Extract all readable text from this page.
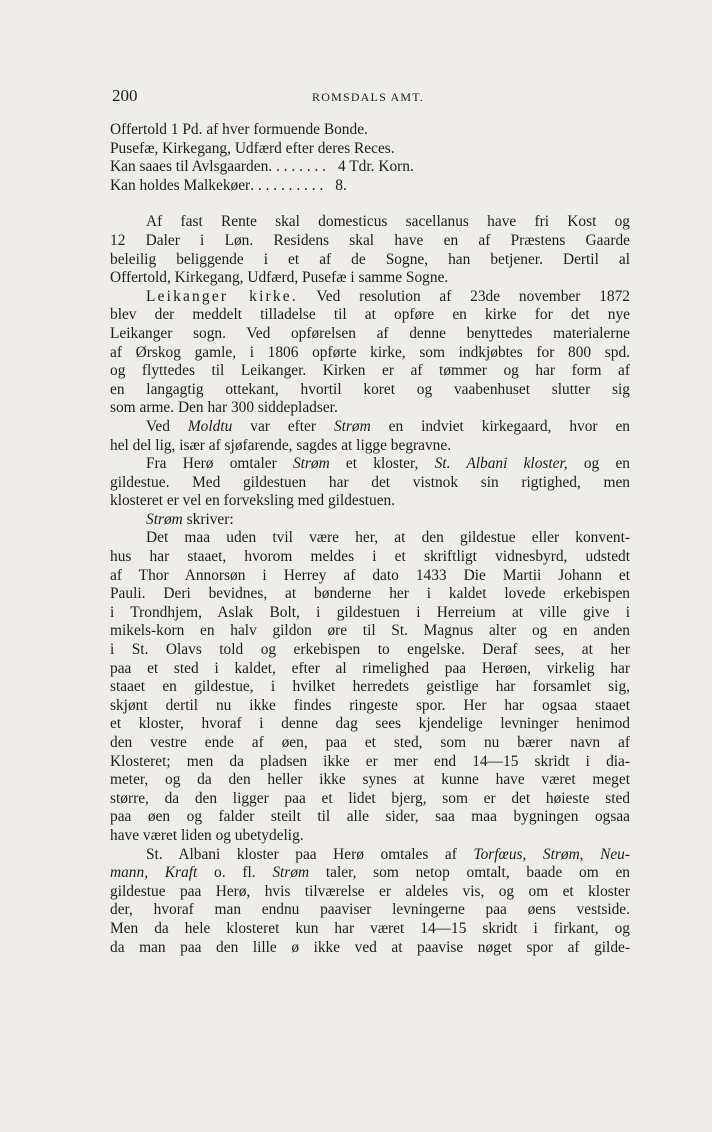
200	ROMSDALS AMT.
Offertold 1 Pd. af hver formuende Bonde.
Pusefæ, Kirkegang, Udfærd efter deres Reces.
Kan saaes til Avlsgaarden . . . . . . . . 4 Tdr. Korn.
Kan holdes Malkekøer . . . . . . . . . . 8.
Af fast Rente skal domesticus sacellanus have fri Kost og
12 Daler i Løn. Residens skal have en af Præstens Gaarde
beleilig beliggende i et af de Sogne, han betjener. Dertil al
Offertold, Kirkegang, Udfærd, Pusefæ i samme Sogne.
Leikanger kirke. Ved resolution af 23de november 1872
blev der meddelt tilladelse til at opføre en kirke for det nye
Leikanger sogn. Ved opførelsen af denne benyttedes materialerne
af Ørskog gamle, i 1806 opførte kirke, som indkjøbtes for 800 spd.
og flyttedes til Leikanger. Kirken er af tømmer og har form af
en langagtig ottekant, hvortil koret og vaabenhuset slutter sig
som arme. Den har 300 siddepladser.
Ved Moldtu var efter Strøm en indviet kirkegaard, hvor en
hel del lig, især af sjøfarende, sagdes at ligge begravne.
Fra Herø omtaler Strøm et kloster, St. Albani kloster, og en
gildestue. Med gildestuen har det vistnok sin rigtighed, men
klosteret er vel en forveksling med gildestuen.
Strøm skriver:
Det maa uden tvil være her, at den gildestue eller konvent-
hus har staaet, hvorom meldes i et skriftligt vidnesbyrd, udstedt
af Thor Annorsøn i Herrey af dato 1433 Die Martii Johann et
Pauli. Deri bevidnes, at bønderne her i kaldet lovede erkebispen
i Trondhjem, Aslak Bolt, i gildestuen i Herreium at ville give i
mikels-korn en halv gildon øre til St. Magnus alter og en anden
i St. Olavs told og erkebispen to engelske. Deraf sees, at her
paa et sted i kaldet, efter al rimelighed paa Herøen, virkelig har
staaet en gildestue, i hvilket herredets geistlige har forsamlet sig,
skjønt dertil nu ikke findes ringeste spor. Her har ogsaa staaet
et kloster, hvoraf i denne dag sees kjendelige levninger henimod
den vestre ende af øen, paa et sted, som nu bærer navn af
Klosteret; men da pladsen ikke er mer end 14—15 skridt i dia-
meter, og da den heller ikke synes at kunne have været meget
større, da den ligger paa et lidet bjerg, som er det høieste sted
paa øen og falder steilt til alle sider, saa maa bygningen ogsaa
have været liden og ubetydelig.
St. Albani kloster paa Herø omtales af Torfœus, Strøm, Neu-
mann, Kraft o. fl. Strøm taler, som netop omtalt, baade om en
gildestue paa Herø, hvis tilværelse er aldeles vis, og om et kloster
der, hvoraf man endnu paaviser levningerne paa øens vestside.
Men da hele klosteret kun har været 14—15 skridt i firkant, og
da man paa den lille ø ikke ved at paavise nøget spor af gilde-
